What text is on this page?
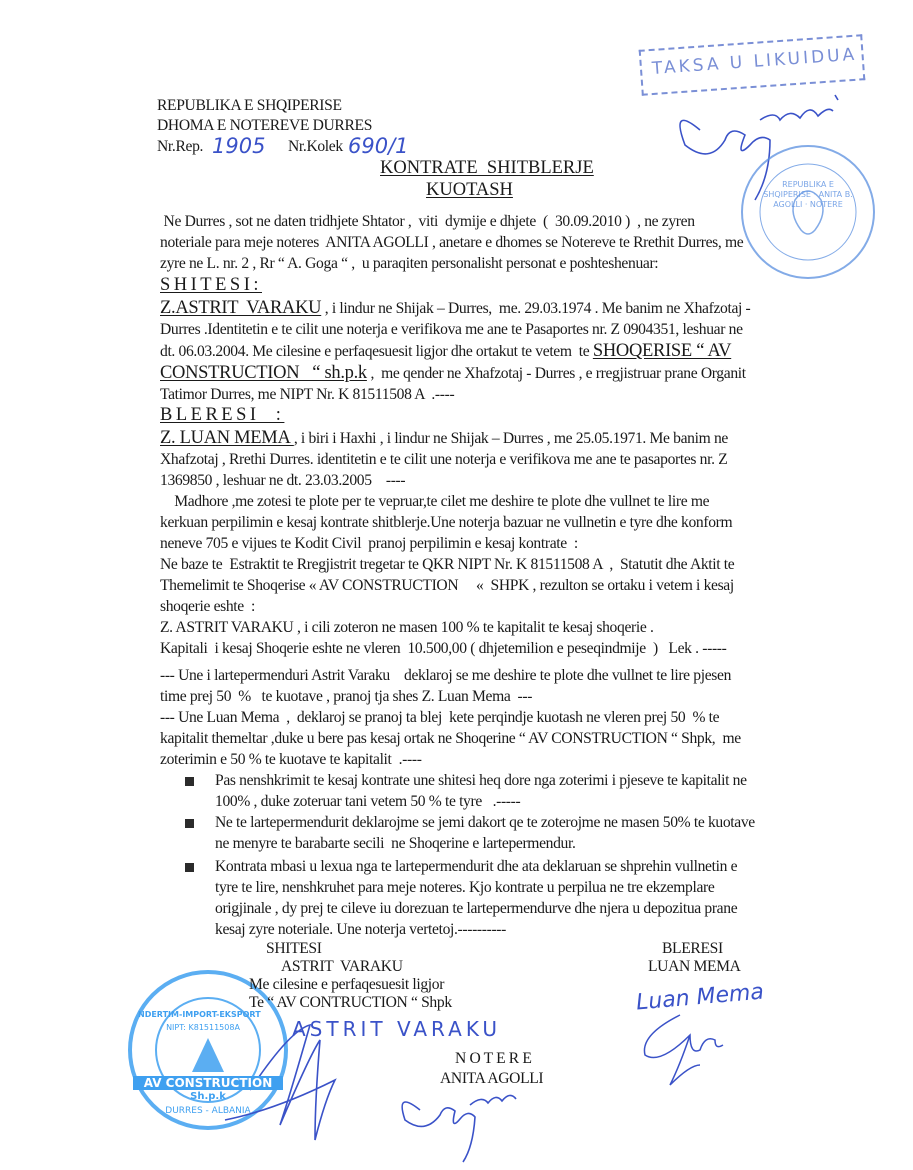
TAKSA U LIKUIDUA
REPUBLIKA E SHQIPERISE
DHOMA E NOTEREVE DURRES
Nr.Rep. 1905 Nr.Kolek 690/1
REPUBLIKA E SHQIPERISE · ANITA B. AGOLLI · NOTERE
NDERTIM-IMPORT-EKSPORT
NIPT: K81511508A
AV CONSTRUCTION
Sh.p.k
DURRES - ALBANIA
KONTRATE  SHITBLERJE
KUOTASH
Ne Durres , sot ne daten tridhjete Shtator ,  viti  dymije e dhjete  (  30.09.2010 )  , ne zyren
noteriale para meje noteres  ANITA AGOLLI , anetare e dhomes se Notereve te Rrethit Durres, me
zyre ne L. nr. 2 , Rr “ A. Goga “ ,  u paraqiten personalisht personat e poshteshenuar:
SHITESI:
Z.ASTRIT  VARAKU , i lindur ne Shijak – Durres,  me. 29.03.1974 . Me banim ne Xhafzotaj -
Durres .Identitetin e te cilit une noterja e verifikova me ane te Pasaportes nr. Z 0904351, leshuar ne
dt. 06.03.2004. Me cilesine e perfaqesuesit ligjor dhe ortakut te vetem  te SHOQERISE “ AV
CONSTRUCTION   “ sh.p.k ,  me qender ne Xhafzotaj - Durres , e rregjistruar prane Organit
Tatimor Durres, me NIPT Nr. K 81511508 A  .----
BLERESI  :
Z. LUAN MEMA , i biri i Haxhi , i lindur ne Shijak – Durres , me 25.05.1971. Me banim ne
Xhafzotaj , Rrethi Durres. identitetin e te cilit une noterja e verifikova me ane te pasaportes nr. Z
1369850 , leshuar ne dt. 23.03.2005    ----
Madhore ,me zotesi te plote per te vepruar,te cilet me deshire te plote dhe vullnet te lire me
kerkuan perpilimin e kesaj kontrate shitblerje.Une noterja bazuar ne vullnetin e tyre dhe konform
neneve 705 e vijues te Kodit Civil  pranoj perpilimin e kesaj kontrate  :
Ne baze te  Estraktit te Rregjistrit tregetar te QKR NIPT Nr. K 81511508 A  ,  Statutit dhe Aktit te
Themelimit te Shoqerise « AV CONSTRUCTION     «  SHPK , rezulton se ortaku i vetem i kesaj
shoqerie eshte  :
Z. ASTRIT VARAKU , i cili zoteron ne masen 100 % te kapitalit te kesaj shoqerie .
Kapitali  i kesaj Shoqerie eshte ne vleren  10.500,00 ( dhjetemilion e peseqindmije  )   Lek . -----
--- Une i lartepermenduri Astrit Varaku    deklaroj se me deshire te plote dhe vullnet te lire pjesen
time prej 50  %   te kuotave , pranoj tja shes Z. Luan Mema  ---
--- Une Luan Mema  ,  deklaroj se pranoj ta blej  kete perqindje kuotash ne vleren prej 50  % te
kapitalit themeltar ,duke u bere pas kesaj ortak ne Shoqerine “ AV CONSTRUCTION “ Shpk,  me
zoterimin e 50 % te kuotave te kapitalit  .----
Pas nenshkrimit te kesaj kontrate une shitesi heq dore nga zoterimi i pjeseve te kapitalit ne
100% , duke zoteruar tani vetem 50 % te tyre   .-----
Ne te lartepermendurit deklarojme se jemi dakort qe te zoterojme ne masen 50% te kuotave
ne menyre te barabarte secili  ne Shoqerine e lartepermendur.
Kontrata mbasi u lexua nga te lartepermendurit dhe ata deklaruan se shprehin vullnetin e
tyre te lire, nenshkruhet para meje noteres. Kjo kontrate u perpilua ne tre ekzemplare
origjinale , dy prej te cileve iu dorezuan te lartepermendurve dhe njera u depozitua prane
kesaj zyre noteriale. Une noterja vertetoj.----------
SHITESI
ASTRIT  VARAKU
Me cilesine e perfaqesuesit ligjor
Te “ AV CONTRUCTION “ Shpk
ASTRIT VARAKU
BLERESI
LUAN MEMA
Luan Mema
N O T E R E
ANITA AGOLLI
